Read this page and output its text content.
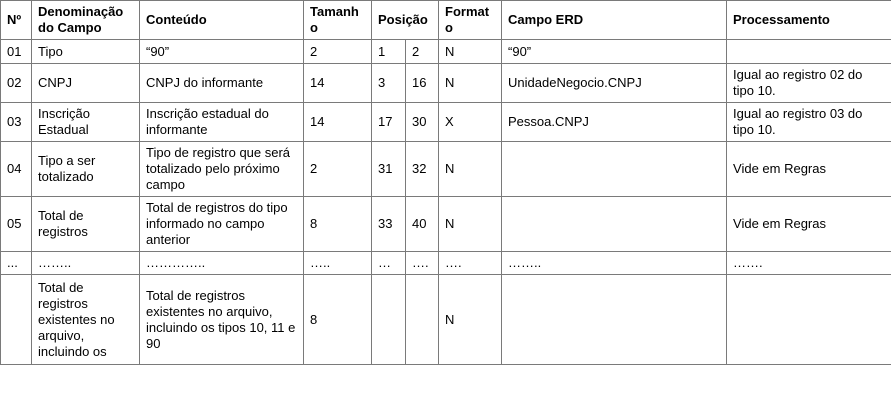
Nº	Denominação do Campo	Conteúdo	Tamanho	Posição		Formato	Campo ERD	Processamento
01	Tipo	“90”	2	1	2	N	“90”	
02	CNPJ	CNPJ do informante	14	3	16	N	UnidadeNegocio.CNPJ	Igual ao registro 02 do tipo 10.
03	Inscrição Estadual	Inscrição estadual do informante	14	17	30	X	Pessoa.CNPJ	Igual ao registro 03 do tipo 10.
04	Tipo a ser totalizado	Tipo de registro que será totalizado pelo próximo campo	2	31	32	N		Vide em Regras
05	Total de registros	Total de registros do tipo informado no campo anterior	8	33	40	N		Vide em Regras
...	……..	…………..	…..	…	….	….	……..	…….

	Total de registros existentes no arquivo, incluindo os	Total de registros existentes no arquivo, incluindo os tipos 10, 11 e 90	8			N		
